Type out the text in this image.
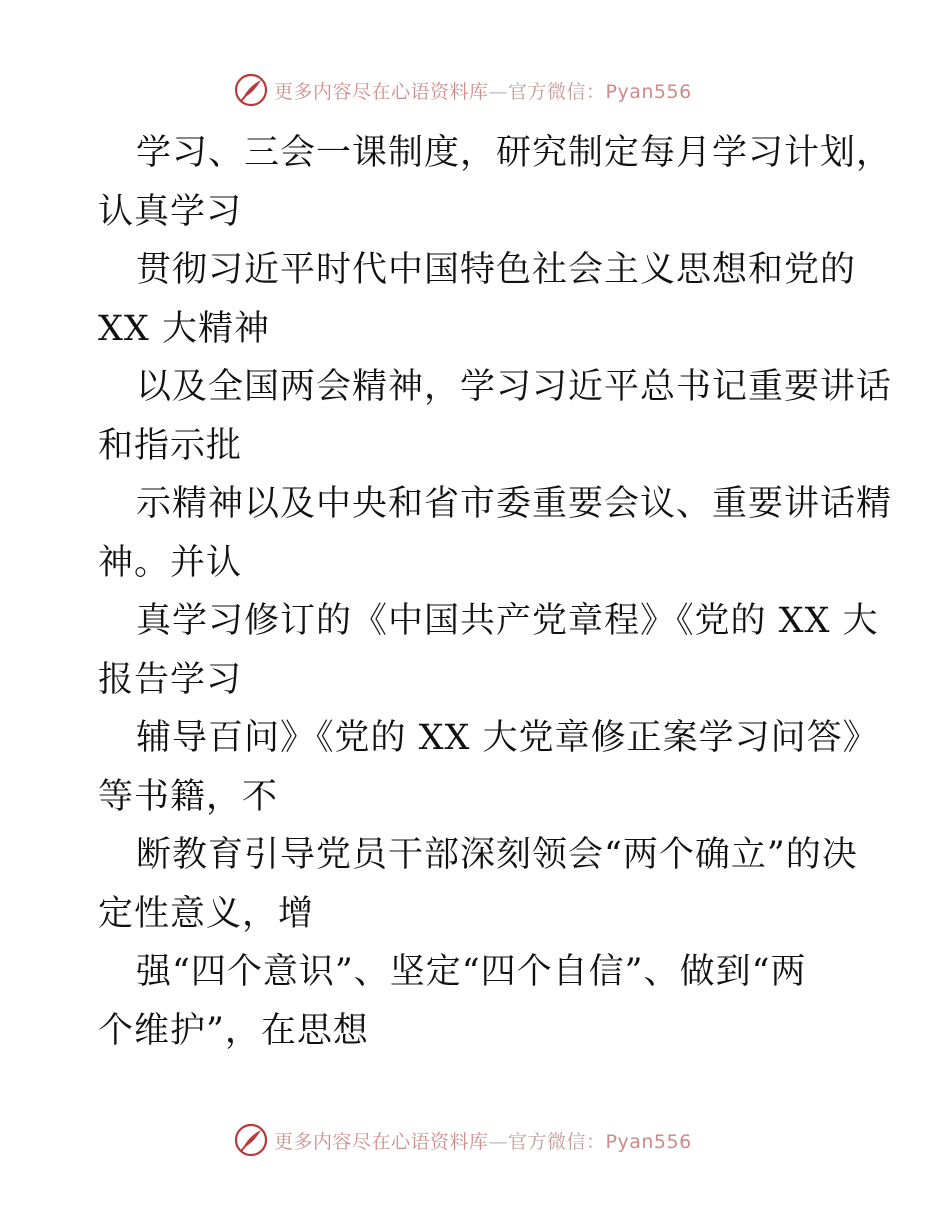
更多内容尽在心语资料库—官方微信：Pyan556
学习、三会一课制度，研究制定每月学习计划，
认真学习
贯彻习近平时代中国特色社会主义思想和党的
XX 大精神
以及全国两会精神，学习习近平总书记重要讲话
和指示批
示精神以及中央和省市委重要会议、重要讲话精
神。并认
真学习修订的《中国共产党章程》《党的 XX 大
报告学习
辅导百问》《党的 XX 大党章修正案学习问答》
等书籍，不
断教育引导党员干部深刻领会“两个确立”的决
定性意义，增
强“四个意识”、坚定“四个自信”、做到“两
个维护”，在思想
更多内容尽在心语资料库—官方微信：Pyan556
